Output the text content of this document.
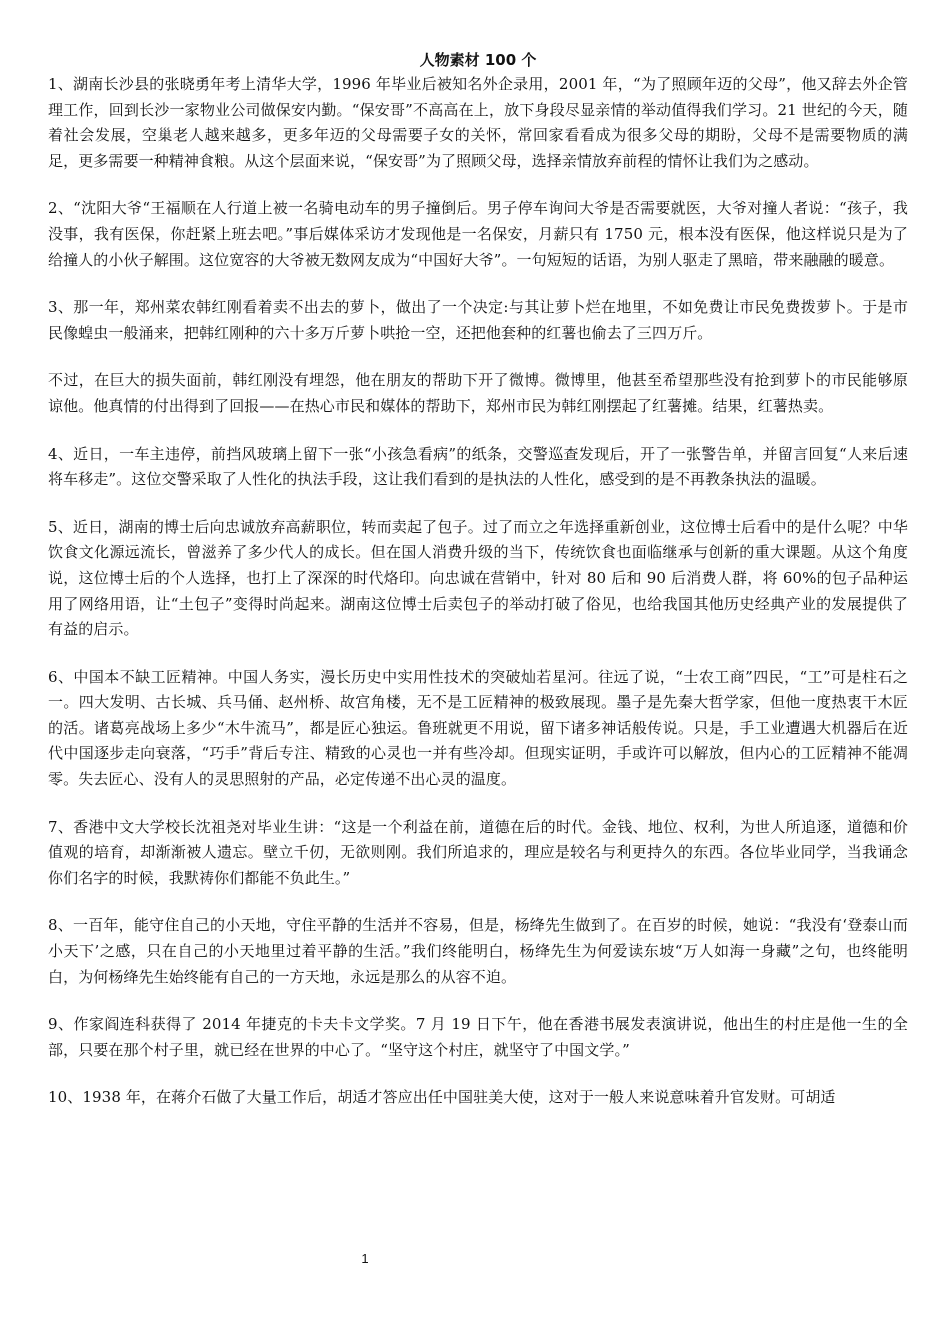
人物素材 100 个

1、湖南长沙县的张晓勇年考上清华大学，1996 年毕业后被知名外企录用，2001 年，“为了照顾年迈的父母”，他又辞去外企管理工作，回到长沙一家物业公司做保安内勤。“保安哥”不高高在上，放下身段尽显亲情的举动值得我们学习。21 世纪的今天，随着社会发展，空巢老人越来越多，更多年迈的父母需要子女的关怀，常回家看看成为很多父母的期盼，父母不是需要物质的满足，更多需要一种精神食粮。从这个层面来说，“保安哥”为了照顾父母，选择亲情放弃前程的情怀让我们为之感动。

2、“沈阳大爷“王福顺在人行道上被一名骑电动车的男子撞倒后。男子停车询问大爷是否需要就医，大爷对撞人者说：“孩子，我没事，我有医保，你赶紧上班去吧。”事后媒体采访才发现他是一名保安，月薪只有 1750 元，根本没有医保，他这样说只是为了给撞人的小伙子解围。这位宽容的大爷被无数网友成为“中国好大爷”。一句短短的话语，为别人驱走了黑暗，带来融融的暖意。

3、那一年，郑州菜农韩红刚看着卖不出去的萝卜，做出了一个决定:与其让萝卜烂在地里，不如免费让市民免费拨萝卜。于是市民像蝗虫一般涌来，把韩红刚种的六十多万斤萝卜哄抢一空，还把他套种的红薯也偷去了三四万斤。

不过，在巨大的损失面前，韩红刚没有埋怨，他在朋友的帮助下开了微博。微博里，他甚至希望那些没有抢到萝卜的市民能够原谅他。他真情的付出得到了回报——在热心市民和媒体的帮助下，郑州市民为韩红刚摆起了红薯摊。结果，红薯热卖。

4、近日，一车主违停，前挡风玻璃上留下一张“小孩急看病”的纸条，交警巡查发现后，开了一张警告单，并留言回复“人来后速将车移走”。这位交警采取了人性化的执法手段，这让我们看到的是执法的人性化，感受到的是不再教条执法的温暖。

5、近日，湖南的博士后向忠诚放弃高薪职位，转而卖起了包子。过了而立之年选择重新创业，这位博士后看中的是什么呢？中华饮食文化源远流长，曾滋养了多少代人的成长。但在国人消费升级的当下，传统饮食也面临继承与创新的重大课题。从这个角度说，这位博士后的个人选择，也打上了深深的时代烙印。向忠诚在营销中，针对 80 后和 90 后消费人群，将 60%的包子品种运用了网络用语，让“土包子”变得时尚起来。湖南这位博士后卖包子的举动打破了俗见，也给我国其他历史经典产业的发展提供了有益的启示。

6、中国本不缺工匠精神。中国人务实，漫长历史中实用性技术的突破灿若星河。往远了说，“士农工商”四民，“工”可是柱石之一。四大发明、古长城、兵马俑、赵州桥、故宫角楼，无不是工匠精神的极致展现。墨子是先秦大哲学家，但他一度热衷干木匠的活。诸葛亮战场上多少“木牛流马”，都是匠心独运。鲁班就更不用说，留下诸多神话般传说。只是，手工业遭遇大机器后在近代中国逐步走向衰落，“巧手”背后专注、精致的心灵也一并有些冷却。但现实证明，手或许可以解放，但内心的工匠精神不能凋零。失去匠心、没有人的灵思照射的产品，必定传递不出心灵的温度。

7、香港中文大学校长沈祖尧对毕业生讲：“这是一个利益在前，道德在后的时代。金钱、地位、权利，为世人所追逐，道德和价值观的培育，却渐渐被人遗忘。壁立千仞，无欲则刚。我们所追求的，理应是较名与利更持久的东西。各位毕业同学，当我诵念你们名字的时候，我默祷你们都能不负此生。”

8、一百年，能守住自己的小天地，守住平静的生活并不容易，但是，杨绛先生做到了。在百岁的时候，她说：“我没有‘登泰山而小天下’之感，只在自己的小天地里过着平静的生活。”我们终能明白，杨绛先生为何爱读东坡“万人如海一身藏”之句，也终能明白，为何杨绛先生始终能有自己的一方天地，永远是那么的从容不迫。

9、作家阎连科获得了 2014 年捷克的卡夫卡文学奖。7 月 19 日下午，他在香港书展发表演讲说，他出生的村庄是他一生的全部，只要在那个村子里，就已经在世界的中心了。“坚守这个村庄，就坚守了中国文学。”

10、1938 年，在蒋介石做了大量工作后，胡适才答应出任中国驻美大使，这对于一般人来说意味着升官发财。可胡适

1
